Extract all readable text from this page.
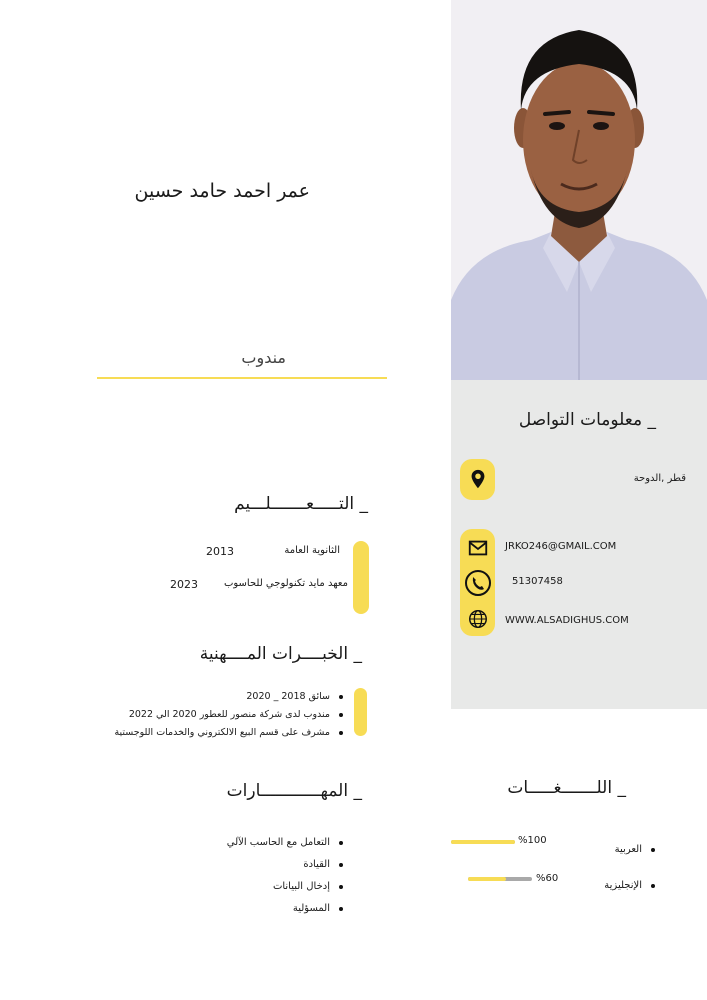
عمر احمد حامد حسين
مندوب
_ معلومات التواصل
قطر ,الدوحة
JRKO246@GMAIL.COM
51307458
WWW.ALSADIGHUS.COM
_ التـــــعـــــــلـــيم
الثانوية العامة
2013
معهد مايد تكنولوجي للحاسوب
2023
_ الخبــــرات المــــهنية
سائق 2018 _ 2020
مندوب لدى شركة منصور للعطور 2020 الي 2022
مشرف على قسم البيع الالكتروني والخدمات اللوجستية
_ المهــــــــــــارات
التعامل مع الحاسب الآلي
القيادة
إدخال البيانات
المسؤلية
_ اللـــــــغـــــات
العربية
الإنجليزية
%100
%60
